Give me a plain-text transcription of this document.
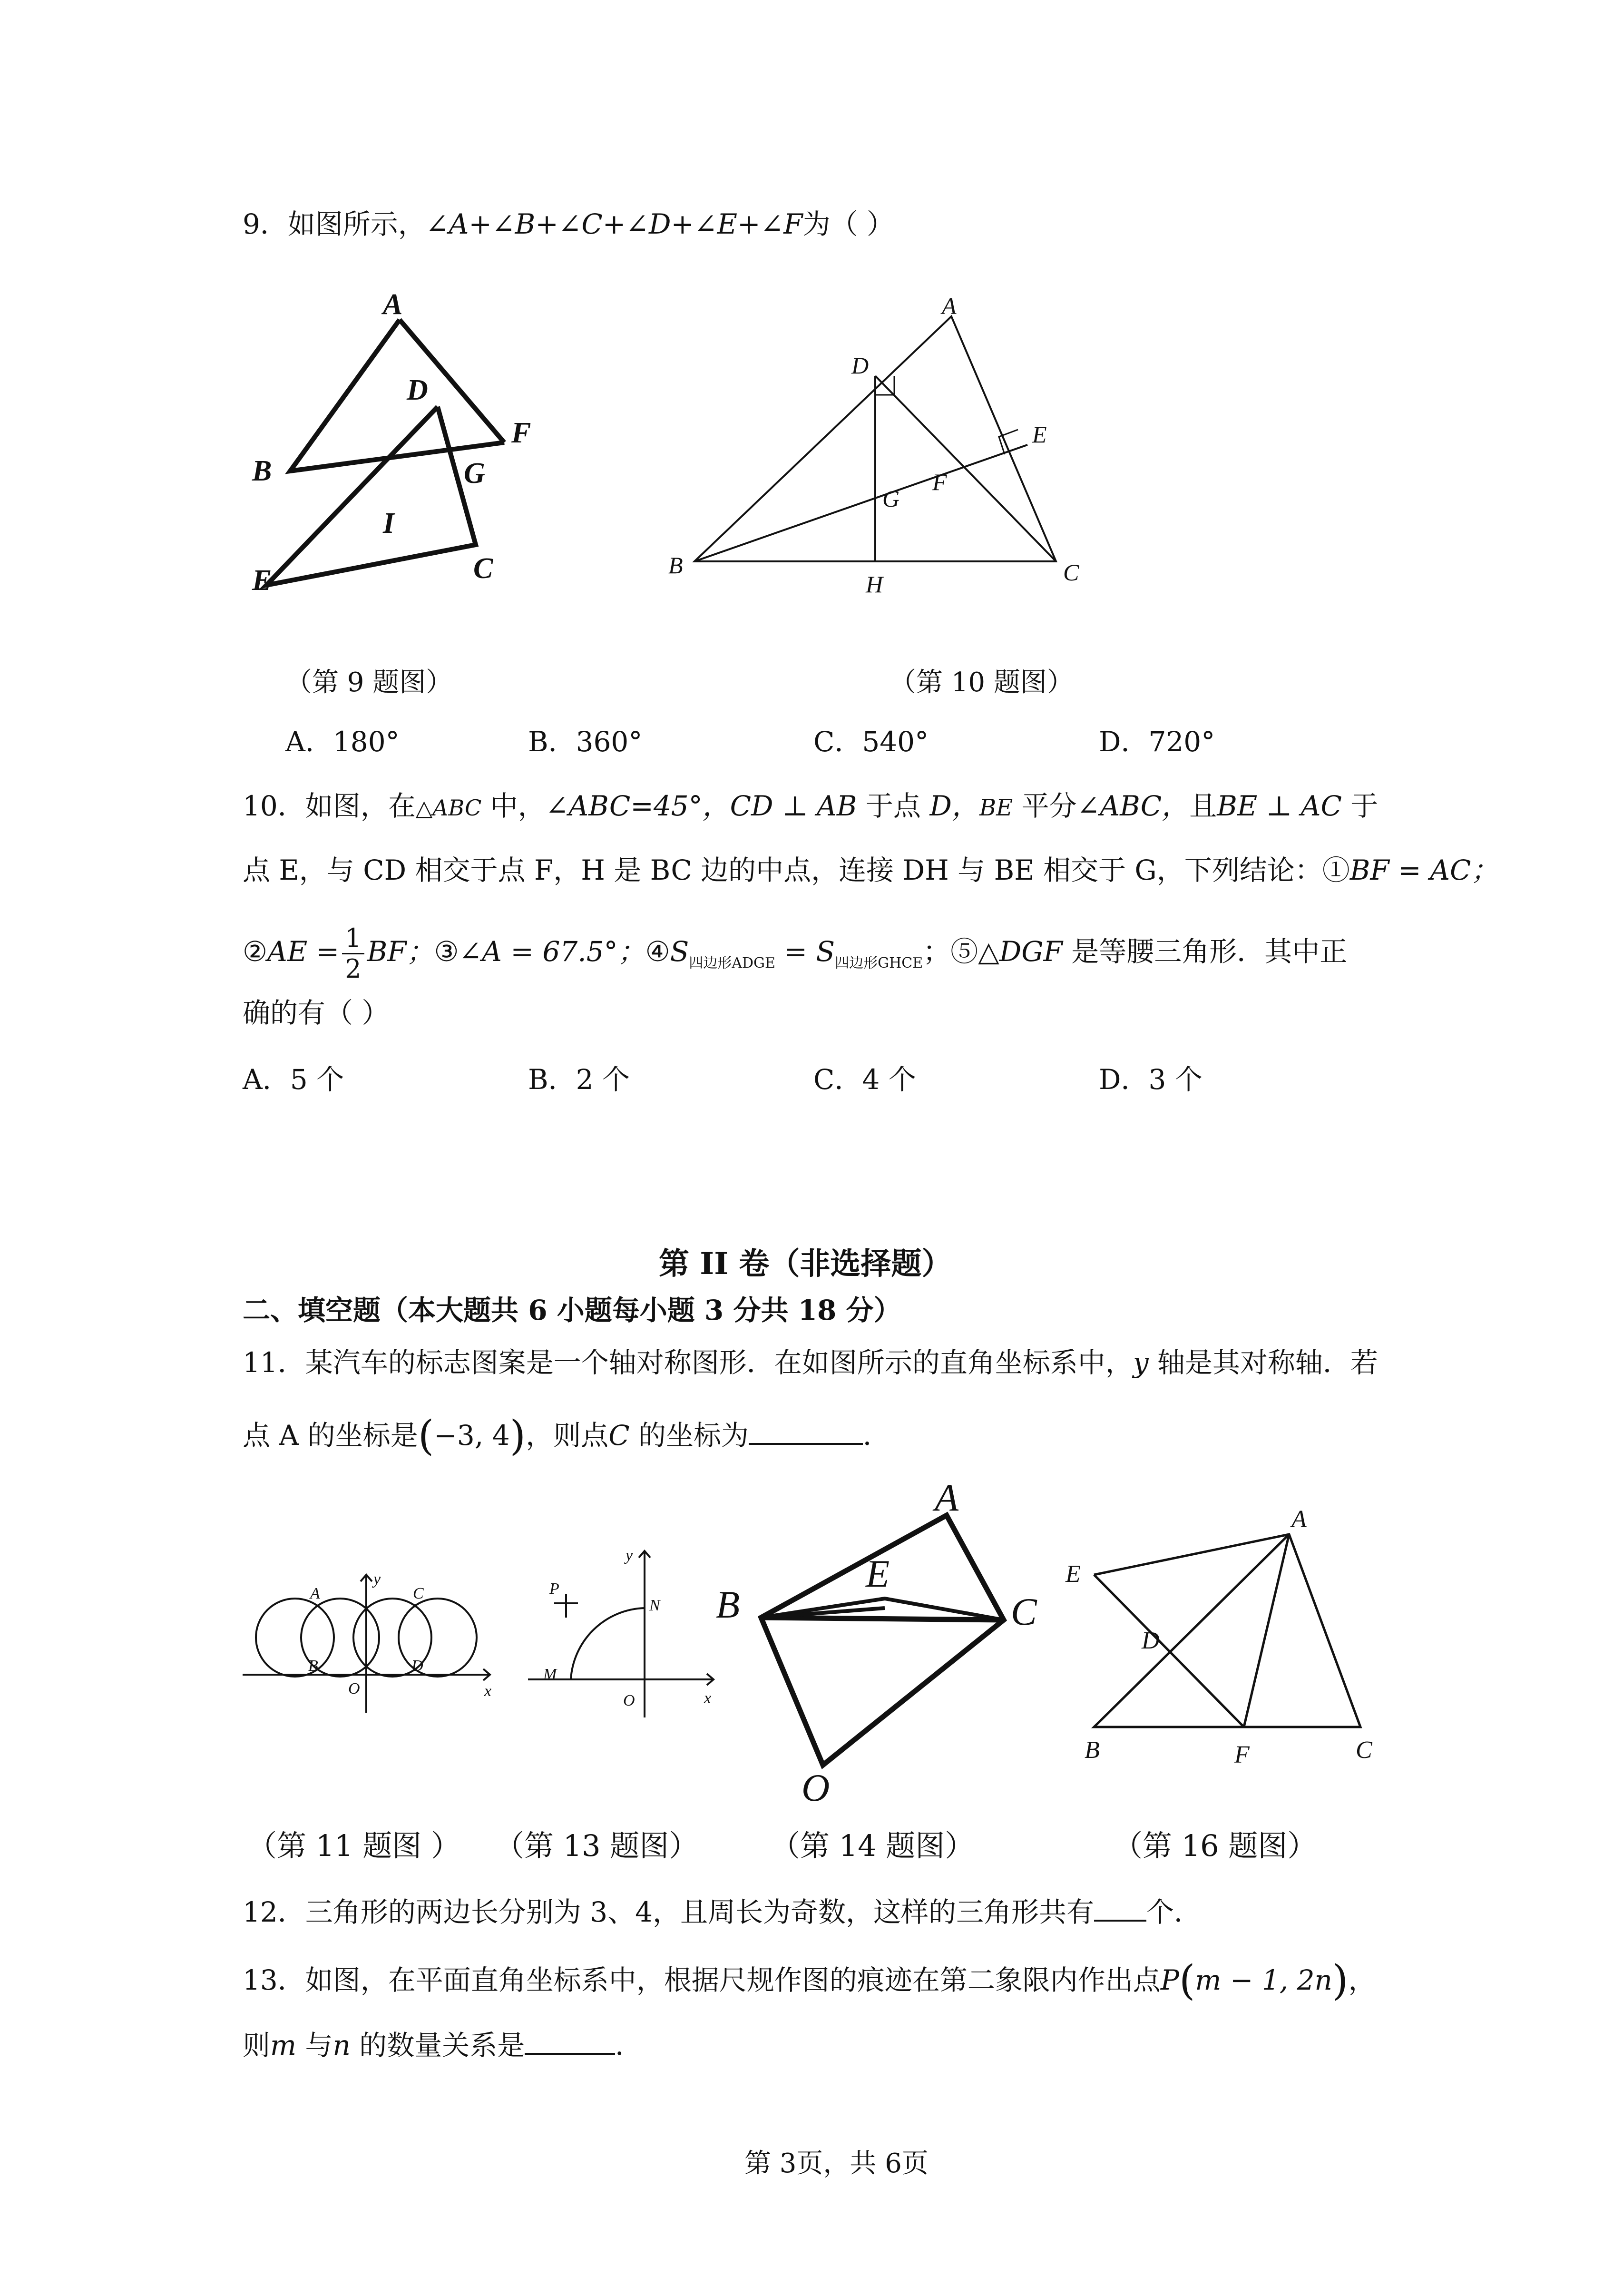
9．如图所示，∠A+∠B+∠C+∠D+∠E+∠F为（ ）
A
B
C
D
E
F
G
I
A
B	C
D
E
F
G
H
（第 9 题图）	（第 10 题图）
A．180°	B．360°	C．540°	D．720°
10．如图，在△ABC 中，∠ABC=45°，CD ⊥ AB 于点 D，BE 平分∠ABC，且BE ⊥ AC 于
点 E，与 CD 相交于点 F，H 是 BC 边的中点，连接 DH 与 BE 相交于 G，下列结论：①BF = AC；
②AE = $\frac{1}{2}$ BF；③∠A = 67.5°；$④S_{四边形ADGE} = S_{四边形GHCE}$；⑤△DGF 是等腰三角形．其中正
确的有（ ）
A．5 个	B．2 个	C．4 个	D．3 个
第 II 卷（非选择题）
二、填空题（本大题共 6 小题每小题 3 分共 18 分）
11．某汽车的标志图案是一个轴对称图形．在如图所示的直角坐标系中，y 轴是其对称轴．若
点 A 的坐标是(−3, 4)，则点C 的坐标为	．
A
B
C
D
O	x
y
P
N
M
O	x
y
A
B	C
E
O
A
B	C
D
E
F
（第 11 题图 ） （第 13 题图） （第 14 题图）	（第 16 题图）
12．三角形的两边长分别为 3、4，且周长为奇数，这样的三角形共有 个．
13．如图，在平面直角坐标系中，根据尺规作图的痕迹在第二象限内作出点P(m − 1, 2n)，
则m 与n 的数量关系是	．
第 3页，共 6页
